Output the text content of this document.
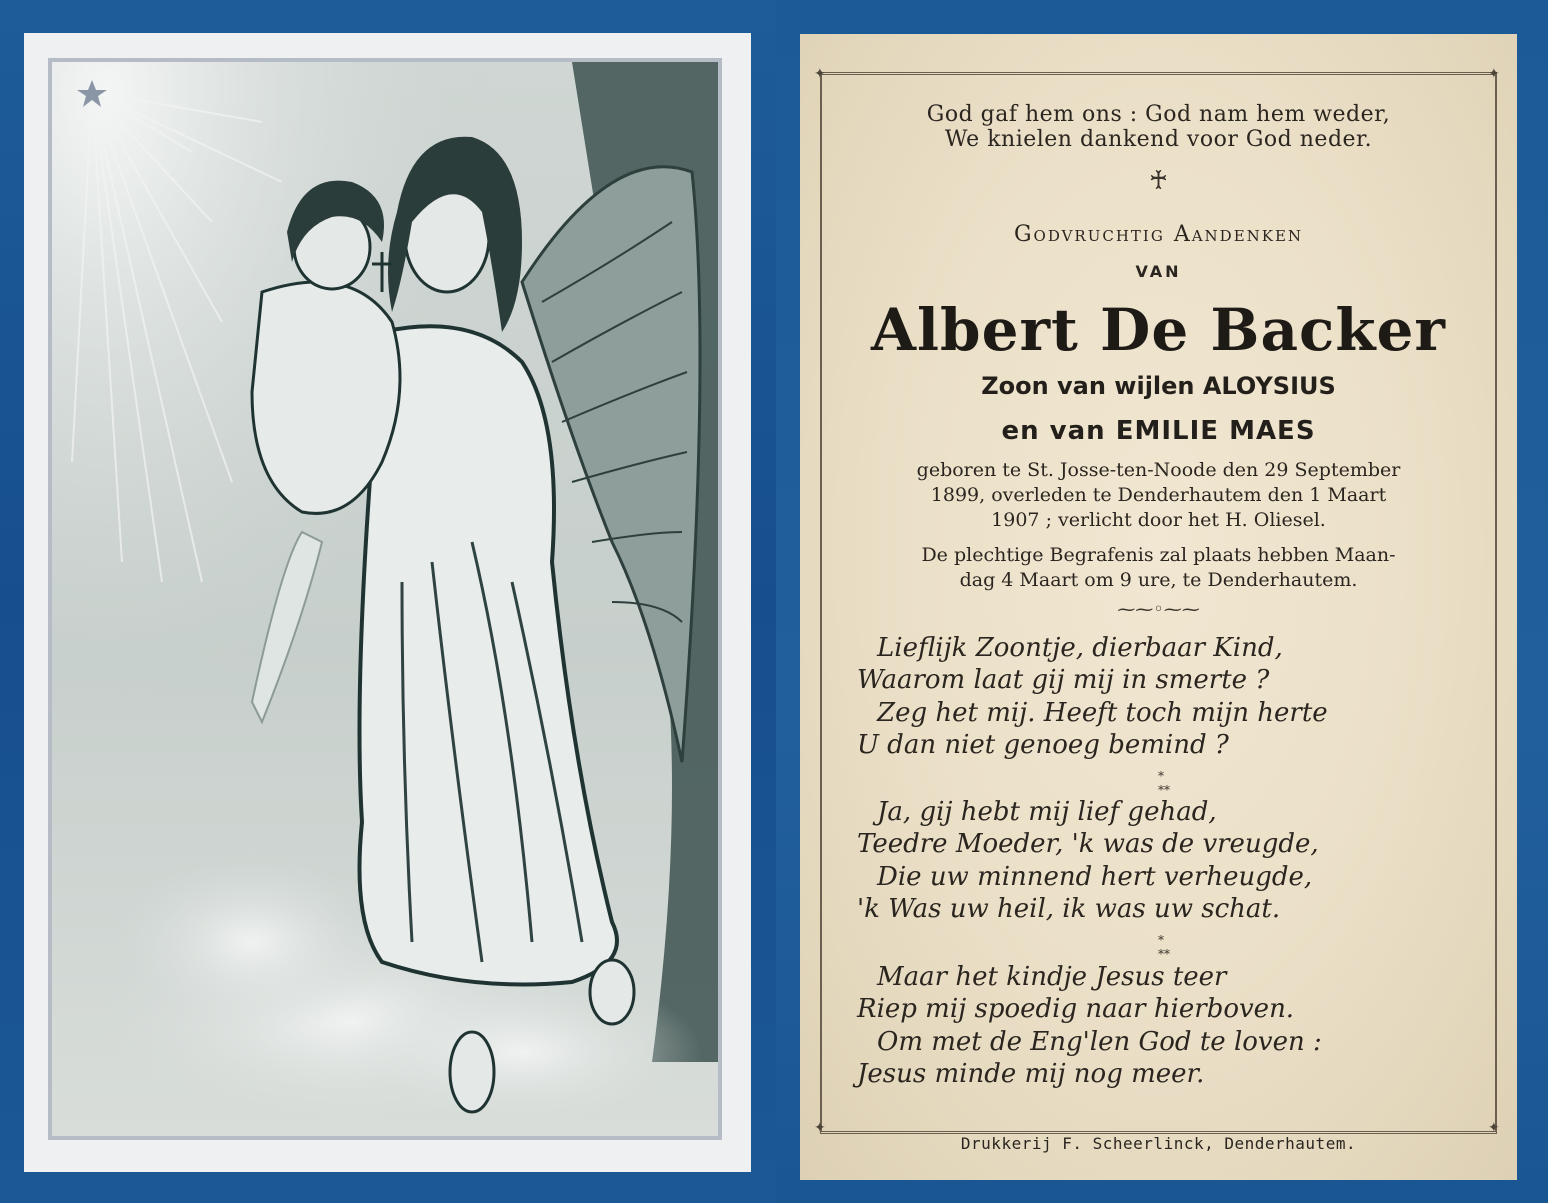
✦	✦
✦	✦
God gaf hem ons : God nam hem weder,
We knielen dankend voor God neder.
♰
Godvruchtig Aandenken
VAN
Albert De Backer
Zoon van wijlen ALOYSIUS
en van EMILIE MAES
geboren te St. Josse-ten-Noode den 29 September
1899, overleden te Denderhautem den 1 Maart
1907 ; verlicht door het H. Oliesel.
De plechtige Begrafenis zal plaats hebben Maan-
dag 4 Maart om 9 ure, te Denderhautem.
⁓⁓◦⁓⁓
Lieflijk Zoontje, dierbaar Kind,
Waarom laat gij mij in smerte ?
Zeg het mij. Heeft toch mijn herte
U dan niet genoeg bemind ?
*
**
Ja, gij hebt mij lief gehad,
Teedre Moeder, 'k was de vreugde,
Die uw minnend hert verheugde,
'k Was uw heil, ik was uw schat.
*
**
Maar het kindje Jesus teer
Riep mij spoedig naar hierboven.
Om met de Eng'len God te loven :
Jesus minde mij nog meer.
Drukkerij F. Scheerlinck, Denderhautem.
